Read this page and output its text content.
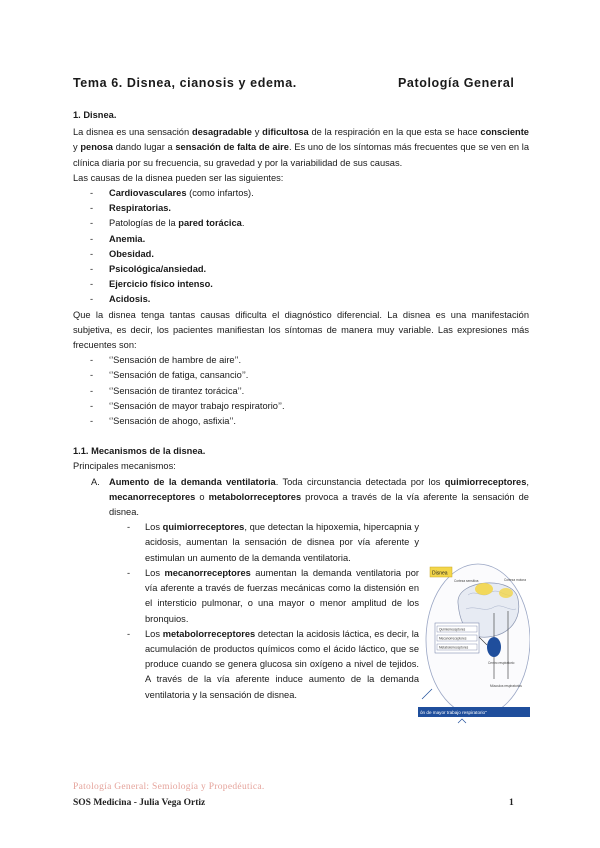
Tema 6. Disnea, cianosis y edema.	Patología General

1. Disnea.

La disnea es una sensación desagradable y dificultosa de la respiración en la que esta se hace consciente y penosa dando lugar a sensación de falta de aire. Es uno de los síntomas más frecuentes que se ven en la clínica diaria por su frecuencia, su gravedad y por la variabilidad de sus causas.

Las causas de la disnea pueden ser las siguientes:

- Cardiovasculares (como infartos).
- Respiratorias.
- Patologías de la pared torácica.
- Anemia.
- Obesidad.
- Psicológica/ansiedad.
- Ejercicio físico intenso.
- Acidosis.

Que la disnea tenga tantas causas dificulta el diagnóstico diferencial. La disnea es una manifestación subjetiva, es decir, los pacientes manifiestan los síntomas de manera muy variable. Las expresiones más frecuentes son:

- ‘’Sensación de hambre de aire’’.
- ‘’Sensación de fatiga, cansancio’’.
- ‘’Sensación de tirantez torácica’’.
- ‘’Sensación de mayor trabajo respiratorio’’.
- ‘’Sensación de ahogo, asfixia’’.

1.1. Mecanismos de la disnea.

Principales mecanismos:

A. Aumento de la demanda ventilatoria. Toda circunstancia detectada por los quimiorreceptores, mecanorreceptores o metabolorreceptores provoca a través de la vía aferente la sensación de disnea.
- Los quimiorreceptores, que detectan la hipoxemia, hipercapnia y acidosis, aumentan la sensación de disnea por vía aferente y estimulan un aumento de la demanda ventilatoria.
- Los mecanorreceptores aumentan la demanda ventilatoria por vía aferente a través de fuerzas mecánicas como la distensión en el intersticio pulmonar, o una mayor o menor amplitud de los bronquios.
- Los metabolorreceptores detectan la acidosis láctica, es decir, la acumulación de productos químicos como el ácido láctico, que se produce cuando se genera glucosa sin oxígeno a nivel de tejidos. A través de la vía aferente induce aumento de la demanda ventilatoria y la sensación de disnea.
Disnea
Corteza sensitiva	Corteza motora
Centro respiratorio
Quimiorreceptores
Mecanorreceptores
Metabolorreceptores
Músculos respiratorios
ón de mayor trabajo respiratorio"
Patología General: Semiología y Propedéutica.
SOS Medicina - Julia Vega Ortiz	1
